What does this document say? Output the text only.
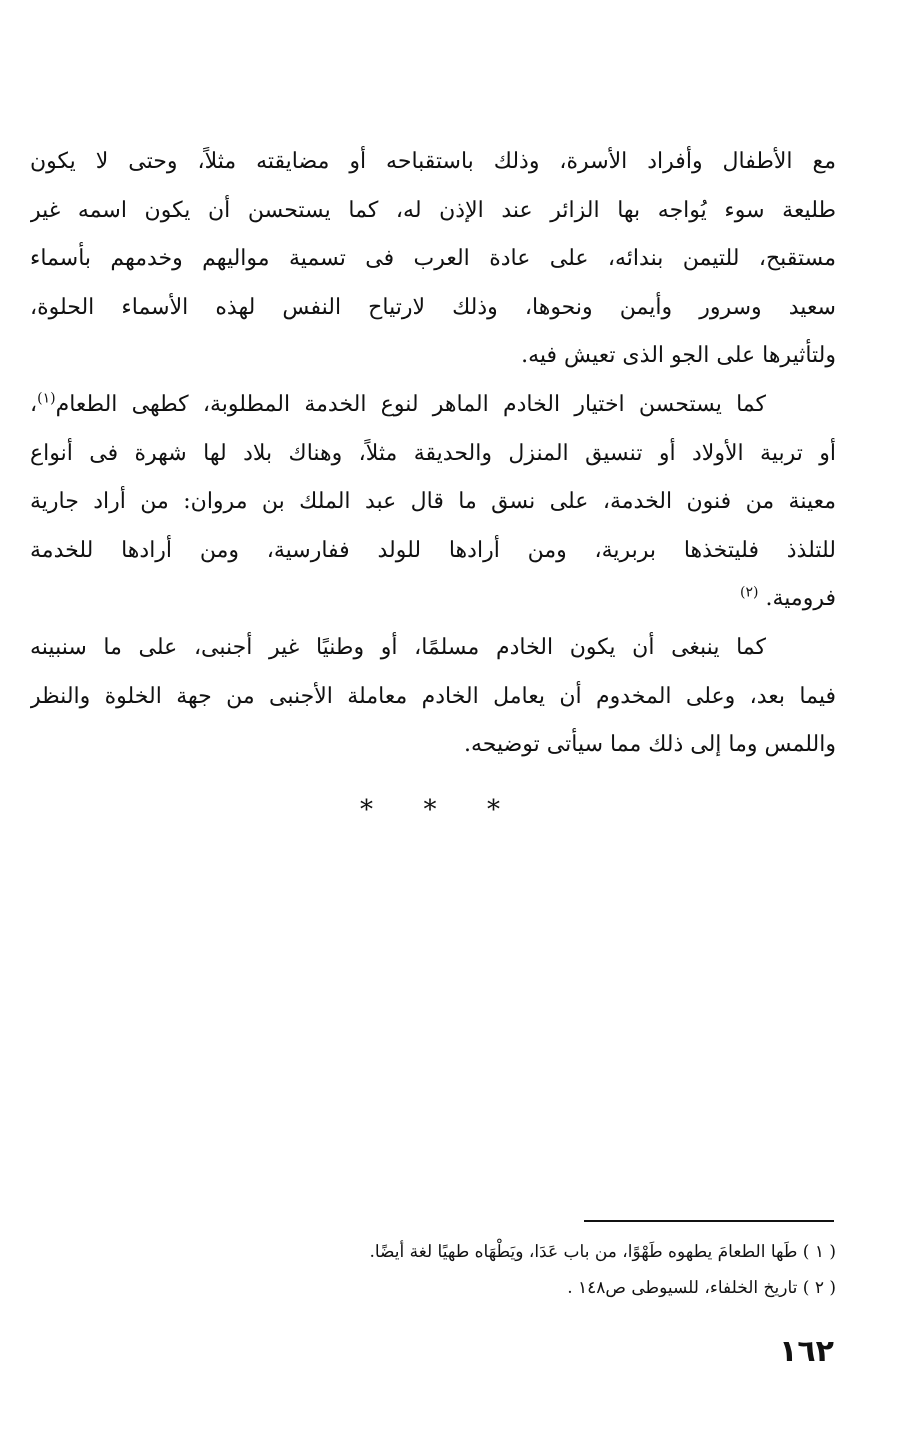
مع الأطفال وأفراد الأسرة، وذلك باستقباحه أو مضايقته مثلاً، وحتى لا يكون
طليعة سوء يُواجه بها الزائر عند الإذن له، كما يستحسن أن يكون اسمه غير
مستقبح، للتيمن بندائه، على عادة العرب فى تسمية مواليهم وخدمهم بأسماء
سعيد وسرور وأيمن ونحوها، وذلك لارتياح النفس لهذه الأسماء الحلوة،
ولتأثيرها على الجو الذى تعيش فيه.
كما يستحسن اختيار الخادم الماهر لنوع الخدمة المطلوبة، كطهى الطعام$^{(١)}$،
أو تربية الأولاد أو تنسيق المنزل والحديقة مثلاً، وهناك بلاد لها شهرة فى أنواع
معينة من فنون الخدمة، على نسق ما قال عبد الملك بن مروان: من أراد جارية
للتلذذ فليتخذها بربرية، ومن أرادها للولد ففارسية، ومن أرادها للخدمة
فرومية. $^{(٢)}$
كما ينبغى أن يكون الخادم مسلمًا، أو وطنيًا غير أجنبى، على ما سنبينه
فيما بعد، وعلى المخدوم أن يعامل الخادم معاملة الأجنبى من جهة الخلوة والنظر
واللمس وما إلى ذلك مما سيأتى توضيحه.
* * *
( ١ ) طَها الطعامَ يطهوه طَهْوًا، من باب عَدَا، ويَطْهَاه طهيًا لغة أيضًا.
( ٢ ) تاريخ الخلفاء، للسيوطى ص١٤٨ .
١٦٢
